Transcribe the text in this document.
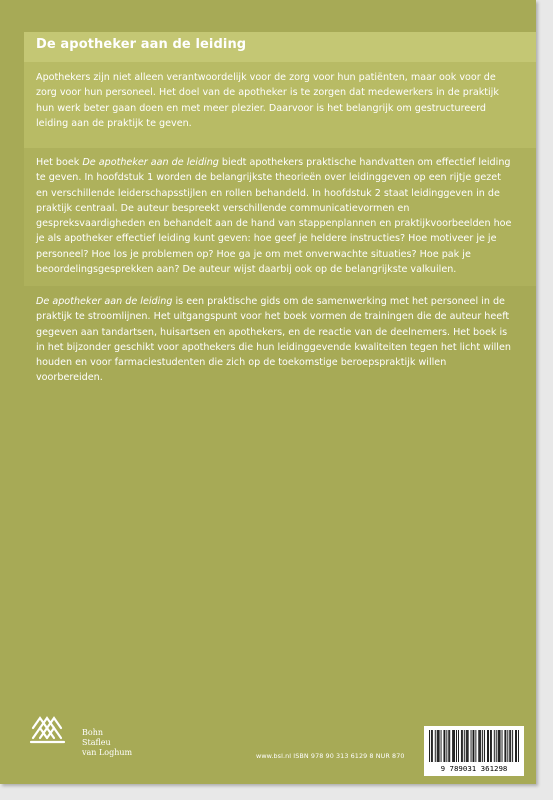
De apotheker aan de leiding

Apothekers zijn niet alleen verantwoordelijk voor de zorg voor hun patiënten, maar ook voor de zorg voor hun personeel. Het doel van de apotheker is te zorgen dat medewerkers in de praktijk hun werk beter gaan doen en met meer plezier. Daarvoor is het belangrijk om gestructureerd leiding aan de praktijk te geven.

Het boek De apotheker aan de leiding biedt apothekers praktische handvatten om effectief leiding te geven. In hoofdstuk 1 worden de belangrijkste theorieën over leidinggeven op een rijtje gezet en verschillende leiderschapsstijlen en rollen behandeld. In hoofdstuk 2 staat leidinggeven in de praktijk centraal. De auteur bespreekt verschillende communicatievormen en gespreksvaardigheden en behandelt aan de hand van stappenplannen en praktijkvoorbeelden hoe je als apotheker effectief leiding kunt geven: hoe geef je heldere instructies? Hoe motiveer je je personeel? Hoe los je problemen op? Hoe ga je om met onverwachte situaties? Hoe pak je beoordelingsgesprekken aan? De auteur wijst daarbij ook op de belangrijkste valkuilen.

De apotheker aan de leiding is een praktische gids om de samenwerking met het personeel in de praktijk te stroomlijnen. Het uitgangspunt voor het boek vormen de trainingen die de auteur heeft gegeven aan tandartsen, huisartsen en apothekers, en de reactie van de deelnemers. Het boek is in het bijzonder geschikt voor apothekers die hun leidinggevende kwaliteiten tegen het licht willen houden en voor farmaciestudenten die zich op de toekomstige beroepspraktijk willen voorbereiden.

Bohn
Stafleu
van Loghum	www.bsl.nl ISBN 978 90 313 6129 8 NUR 870
9 789031 361298
